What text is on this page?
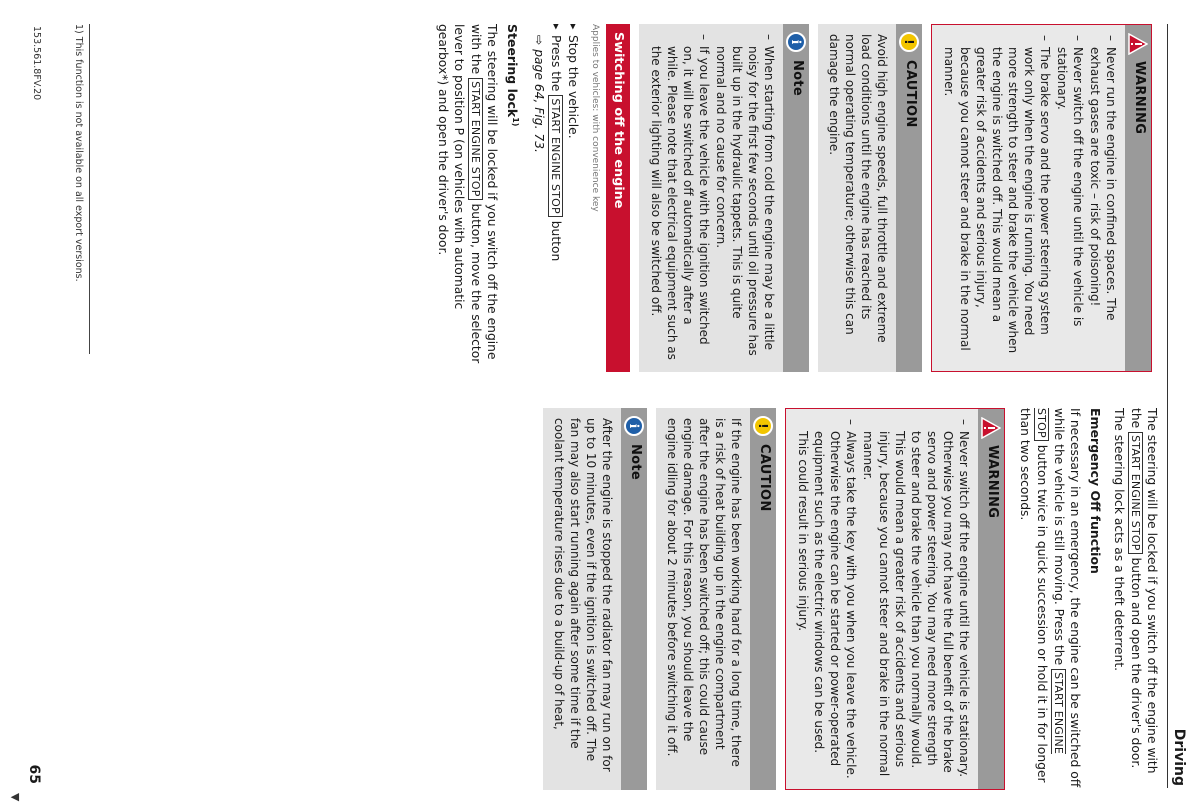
Driving
WARNING
– Never run the engine in confined spaces. The exhaust gases are toxic – risk of poisoning!
– Never switch off the engine until the vehicle is stationary.
– The brake servo and the power steering system work only when the engine is running. You need more strength to steer and brake the vehicle when the engine is switched off. This would mean a greater risk of accidents and serious injury, because you cannot steer and brake in the normal manner.
!
CAUTION
Avoid high engine speeds, full throttle and extreme load conditions until the engine has reached its normal operating temperature; otherwise this can damage the engine.
i
Note
– When starting from cold the engine may be a little noisy for the first few seconds until oil pressure has built up in the hydraulic tappets. This is quite normal and no cause for concern.
– If you leave the vehicle with the ignition switched on, it will be switched off automatically after a while. Please note that electrical equipment such as the exterior lighting will also be switched off.
Switching off the engine
Applies to vehicles: with convenience key
▸ Stop the vehicle.
▸ Press the START ENGINE STOP button
⇨ page 64, Fig. 73.
Steering lock$^{1)}$

The steering will be locked if you switch off the engine with the START ENGINE STOP button, move the selector lever to position P (on vehicles with automatic gearbox*) and open the driver's door.

The steering will be locked if you switch off the engine with the START ENGINE STOP button and open the driver's door. The steering lock acts as a theft deterrent.

Emergency Off function

If necessary in an emergency, the engine can be switched off while the vehicle is still moving. Press the START ENGINE STOP button twice in quick succession or hold it in for longer than two seconds.

WARNING
– Never switch off the engine until the vehicle is stationary. Otherwise you may not have the full benefit of the brake servo and power steering. You may need more strength to steer and brake the vehicle than you normally would. This would mean a greater risk of accidents and serious injury, because you cannot steer and brake in the normal manner.
– Always take the key with you when you leave the vehicle. Otherwise the engine can be started or power-operated equipment such as the electric windows can be used. This could result in serious injury.
!
CAUTION
If the engine has been working hard for a long time, there is a risk of heat building up in the engine compartment after the engine has been switched off; this could cause engine damage. For this reason, you should leave the engine idling for about 2 minutes before switching it off.
i
Note
After the engine is stopped the radiator fan may run on for up to 10 minutes, even if the ignition is switched off. The fan may also start running again after some time if the coolant temperature rises due to a build-up of heat,
1) This function is not available on all export versions.
153.561.8FV.20
65
▼
